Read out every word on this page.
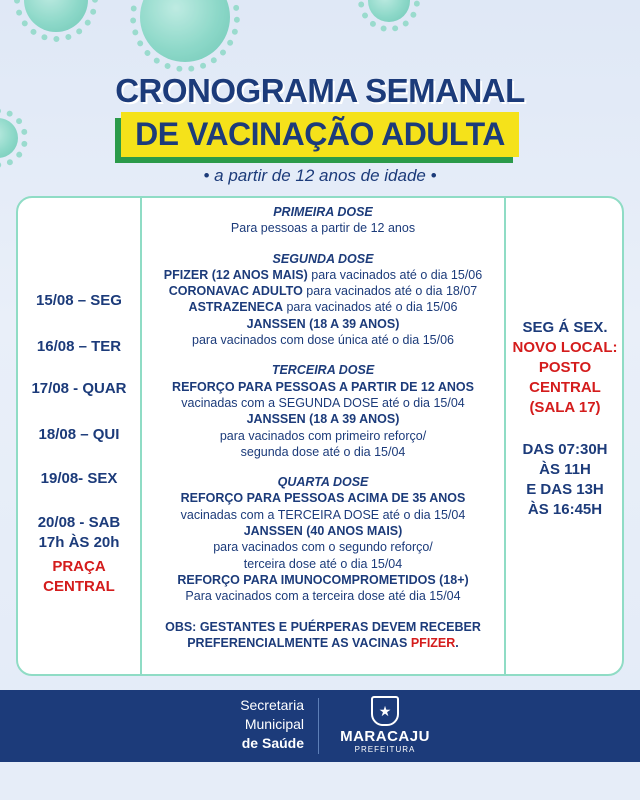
CRONOGRAMA SEMANAL
DE VACINAÇÃO ADULTA
• a partir de 12 anos de idade •
15/08 – SEG
16/08 – TER
17/08 - QUAR
18/08 – QUI
19/08- SEX
20/08 - SAB
17h ÀS 20h
PRAÇA
CENTRAL
PRIMEIRA DOSE
Para pessoas a partir de 12 anos
SEGUNDA DOSE
PFIZER (12 ANOS MAIS) para vacinados até o dia 15/06
CORONAVAC ADULTO para vacinados até o dia 18/07
ASTRAZENECA para vacinados até o dia 15/06
JANSSEN (18 A 39 ANOS)
para vacinados com dose única até o dia 15/06
TERCEIRA DOSE
REFORÇO PARA PESSOAS A PARTIR DE 12 ANOS
vacinadas com a SEGUNDA DOSE até o dia 15/04
JANSSEN (18 A 39 ANOS)
para vacinados com primeiro reforço/
segunda dose até o dia 15/04
QUARTA DOSE
REFORÇO PARA PESSOAS ACIMA DE 35 ANOS
vacinadas com a TERCEIRA DOSE até o dia 15/04
JANSSEN (40 ANOS MAIS)
para vacinados com o segundo reforço/
terceira dose até o dia 15/04
REFORÇO PARA IMUNOCOMPROMETIDOS (18+)
Para vacinados com a terceira dose até dia 15/04
OBS: GESTANTES E PUÉRPERAS DEVEM RECEBER
PREFERENCIALMENTE AS VACINAS PFIZER.
SEG Á SEX.
NOVO LOCAL:
POSTO
CENTRAL
(SALA 17)
DAS 07:30H
ÀS 11H
E DAS 13H
ÀS 16:45H
Secretaria
Municipal
de Saúde
★
MARACAJU
PREFEITURA
